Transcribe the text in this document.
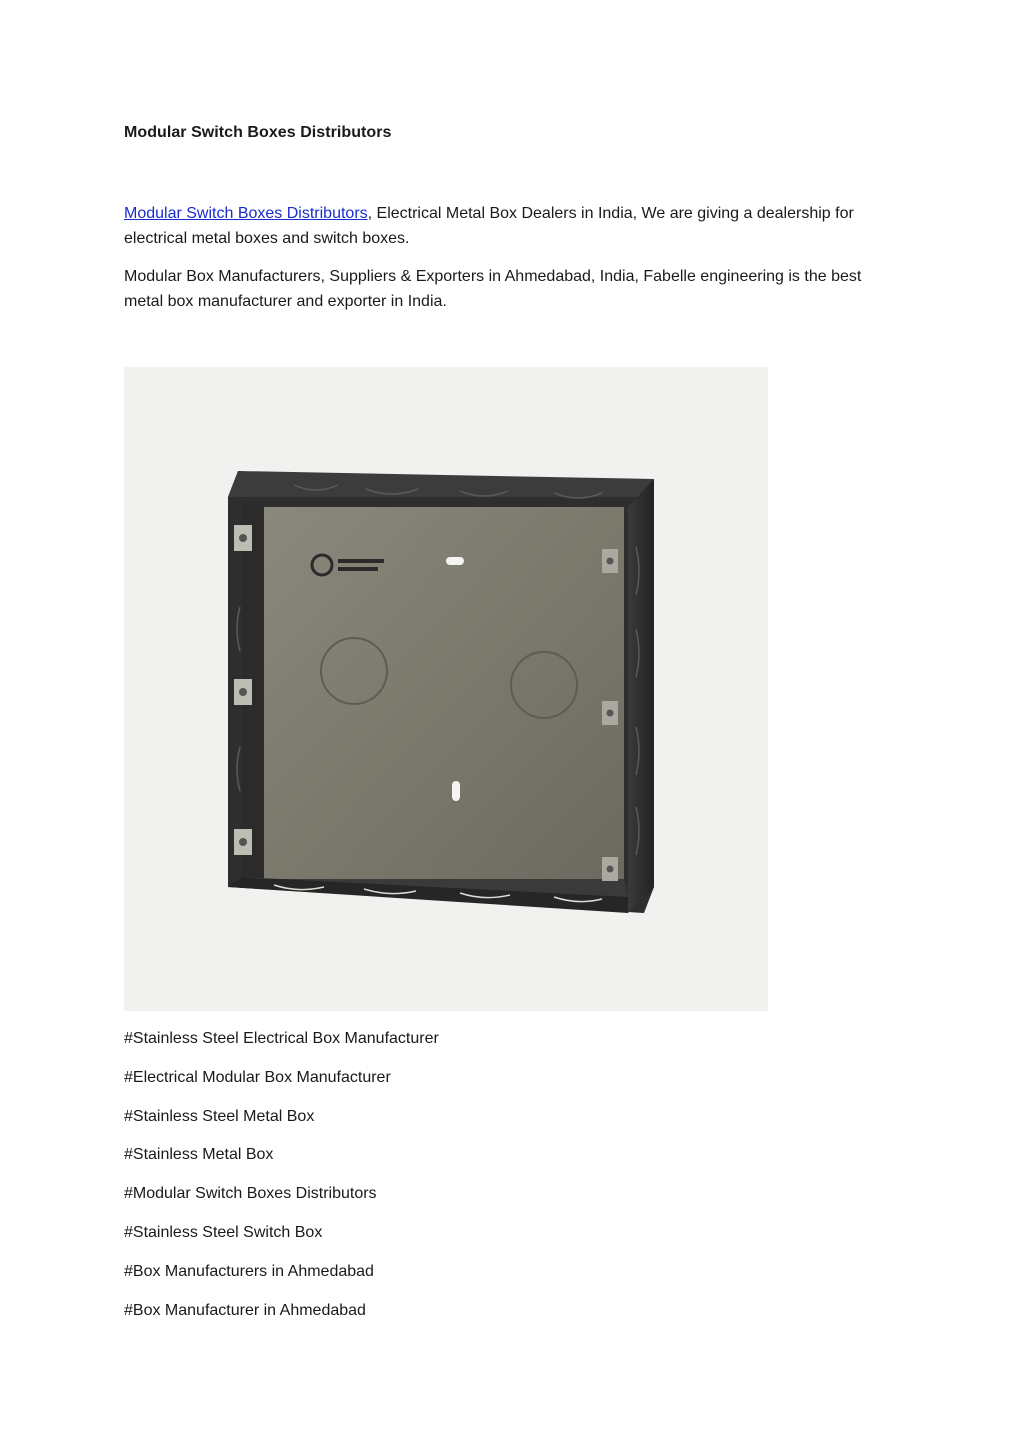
Modular Switch Boxes Distributors

Modular Switch Boxes Distributors, Electrical Metal Box Dealers in India, We are giving a dealership for electrical metal boxes and switch boxes.

Modular Box Manufacturers, Suppliers & Exporters in Ahmedabad, India, Fabelle engineering is the best metal box manufacturer and exporter in India.

#Stainless Steel Electrical Box Manufacturer
#Electrical Modular Box Manufacturer
#Stainless Steel Metal Box
#Stainless Metal Box
#Modular Switch Boxes Distributors
#Stainless Steel Switch Box
#Box Manufacturers in Ahmedabad
#Box Manufacturer in Ahmedabad
